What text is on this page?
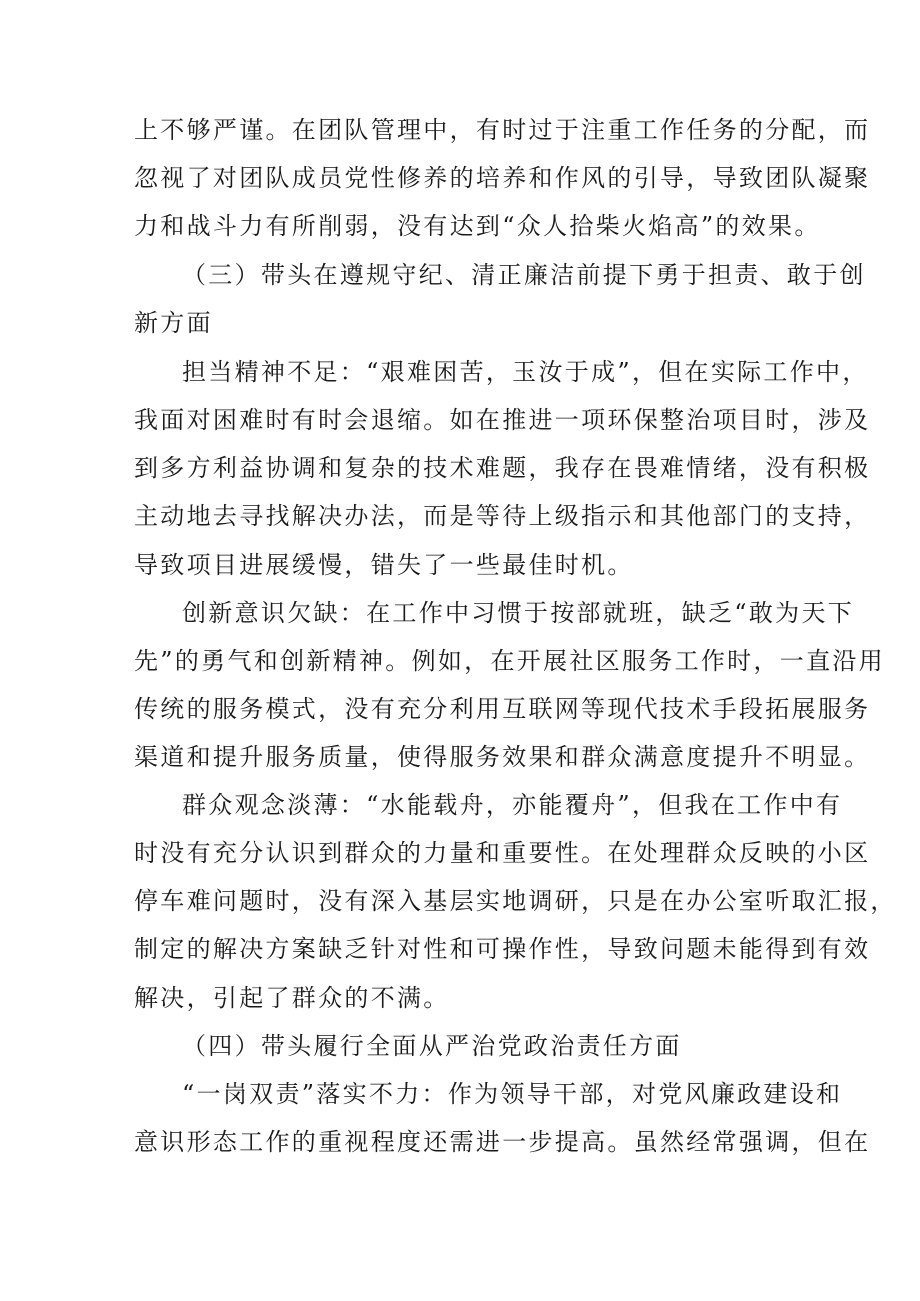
上不够严谨。在团队管理中，有时过于注重工作任务的分配，而

忽视了对团队成员党性修养的培养和作风的引导，导致团队凝聚

力和战斗力有所削弱，没有达到“众人拾柴火焰高”的效果。

（三）带头在遵规守纪、清正廉洁前提下勇于担责、敢于创

新方面

担当精神不足：“艰难困苦，玉汝于成”，但在实际工作中，

我面对困难时有时会退缩。如在推进一项环保整治项目时，涉及

到多方利益协调和复杂的技术难题，我存在畏难情绪，没有积极

主动地去寻找解决办法，而是等待上级指示和其他部门的支持，

导致项目进展缓慢，错失了一些最佳时机。

创新意识欠缺：在工作中习惯于按部就班，缺乏“敢为天下

先”的勇气和创新精神。例如，在开展社区服务工作时，一直沿用

传统的服务模式，没有充分利用互联网等现代技术手段拓展服务

渠道和提升服务质量，使得服务效果和群众满意度提升不明显。

群众观念淡薄：“水能载舟，亦能覆舟”，但我在工作中有

时没有充分认识到群众的力量和重要性。在处理群众反映的小区

停车难问题时，没有深入基层实地调研，只是在办公室听取汇报，

制定的解决方案缺乏针对性和可操作性，导致问题未能得到有效

解决，引起了群众的不满。

（四）带头履行全面从严治党政治责任方面

“一岗双责”落实不力：作为领导干部，对党风廉政建设和

意识形态工作的重视程度还需进一步提高。虽然经常强调，但在
